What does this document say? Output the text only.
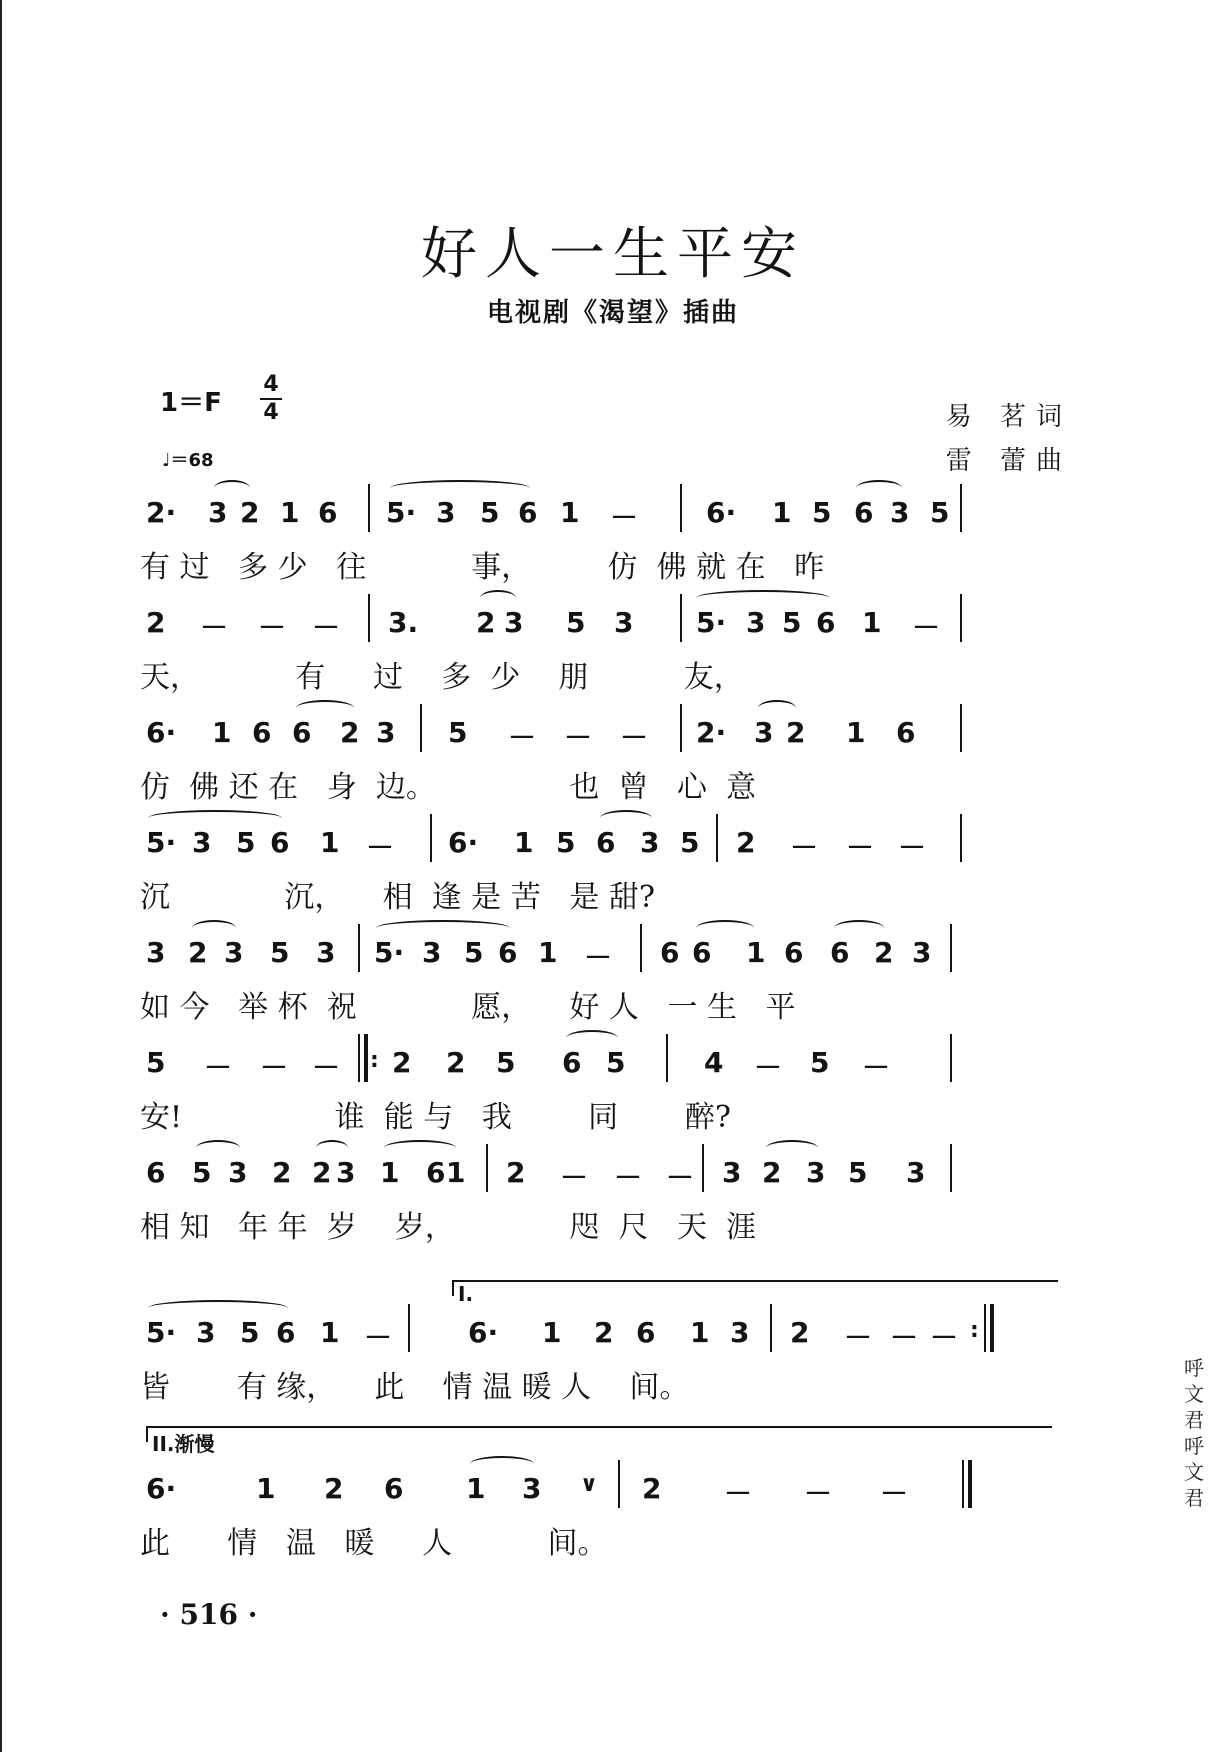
好人一生平安
电视剧《渴望》插曲
1＝F
4
4
♩＝68
易 茗词
雷 蕾曲
2· 3 2 1 6 5· 3 5 6 1 － 6· 1 5 6 3 5
有 过   多 少   往           事，        仿  佛 就 在   昨
2 － － － 3. 2 3 5 3 5· 3 5 6 1 －
天，          有     过    多  少    朋          友，
6· 1 6 6 2 3 5 － － － 2· 3 2 1 6
仿  佛 还 在   身  边。              也  曾   心  意
5· 3 5 6 1 － 6· 1 5 6 3 5 2 － － －
沉            沉，    相  逢 是 苦   是 甜?
3 2 3 5 3 5· 3 5 6 1 － 6 6 1 6 6 2 3
如 今   举 杯  祝            愿，    好 人   一 生   平
5 － － － : 2 2 5 6 5	4 － 5 －
安!                谁  能 与   我        同       醉?
6 5 3 2 2 3 1 6 1 2 － － － 3 2 3 5 3
相 知   年 年  岁    岁，            咫  尺   天  涯
I.
5· 3 5 6 1 －	6· 1 2 6 1 3 2 － － － :
皆       有 缘，    此    情 温 暖 人    间。
II.渐慢
6·	1 2 6 1 3 ∨ 2 － － －
此      情   温   暖     人          间。
· 516 ·
呼文君呼文君
